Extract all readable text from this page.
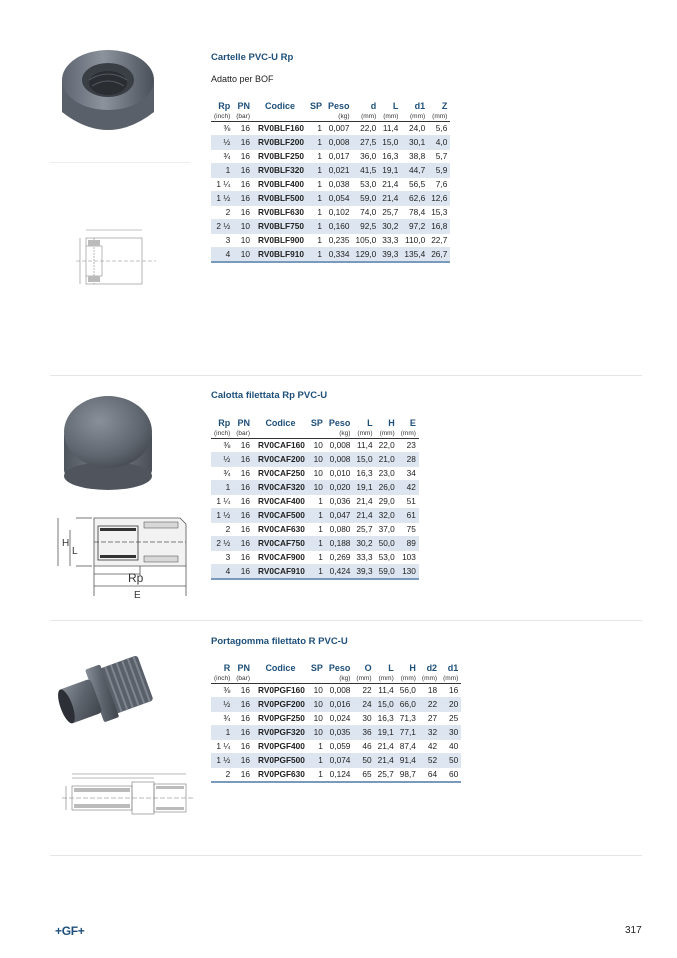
Cartelle PVC-U Rp
Adatto per BOF
Rp	PN	Codice	SP	Peso	d	L	d1	Z
(inch)	(bar)			(kg)	(mm)	(mm)	(mm)	(mm)
⅜	16	RV0BLF160	1	0,007	22,0	11,4	24,0	5,6
½	16	RV0BLF200	1	0,008	27,5	15,0	30,1	4,0
¾	16	RV0BLF250	1	0,017	36,0	16,3	38,8	5,7
1	16	RV0BLF320	1	0,021	41,5	19,1	44,7	5,9
1 ¼	16	RV0BLF400	1	0,038	53,0	21,4	56,5	7,6
1 ½	16	RV0BLF500	1	0,054	59,0	21,4	62,6	12,6
2	16	RV0BLF630	1	0,102	74,0	25,7	78,4	15,3
2 ½	10	RV0BLF750	1	0,160	92,5	30,2	97,2	16,8
3	10	RV0BLF900	1	0,235	105,0	33,3	110,0	22,7
4	10	RV0BLF910	1	0,334	129,0	39,3	135,4	26,7
Calotta filettata Rp PVC-U
H
L
Rp
E
Rp	PN	Codice	SP	Peso	L	H	E
(inch)	(bar)			(kg)	(mm)	(mm)	(mm)
⅜	16	RV0CAF160	10	0,008	11,4	22,0	23
½	16	RV0CAF200	10	0,008	15,0	21,0	28
¾	16	RV0CAF250	10	0,010	16,3	23,0	34
1	16	RV0CAF320	10	0,020	19,1	26,0	42
1 ¼	16	RV0CAF400	1	0,036	21,4	29,0	51
1 ½	16	RV0CAF500	1	0,047	21,4	32,0	61
2	16	RV0CAF630	1	0,080	25,7	37,0	75
2 ½	16	RV0CAF750	1	0,188	30,2	50,0	89
3	16	RV0CAF900	1	0,269	33,3	53,0	103
4	16	RV0CAF910	1	0,424	39,3	59,0	130
Portagomma filettato R PVC-U
R	PN	Codice	SP	Peso	O	L	H	d2	d1
(inch)	(bar)			(kg)	(mm)	(mm)	(mm)	(mm)	(mm)
⅜	16	RV0PGF160	10	0,008	22	11,4	56,0	18	16
½	16	RV0PGF200	10	0,016	24	15,0	66,0	22	20
¾	16	RV0PGF250	10	0,024	30	16,3	71,3	27	25
1	16	RV0PGF320	10	0,035	36	19,1	77,1	32	30
1 ¼	16	RV0PGF400	1	0,059	46	21,4	87,4	42	40
1 ½	16	RV0PGF500	1	0,074	50	21,4	91,4	52	50
2	16	RV0PGF630	1	0,124	65	25,7	98,7	64	60
+GF+	317
